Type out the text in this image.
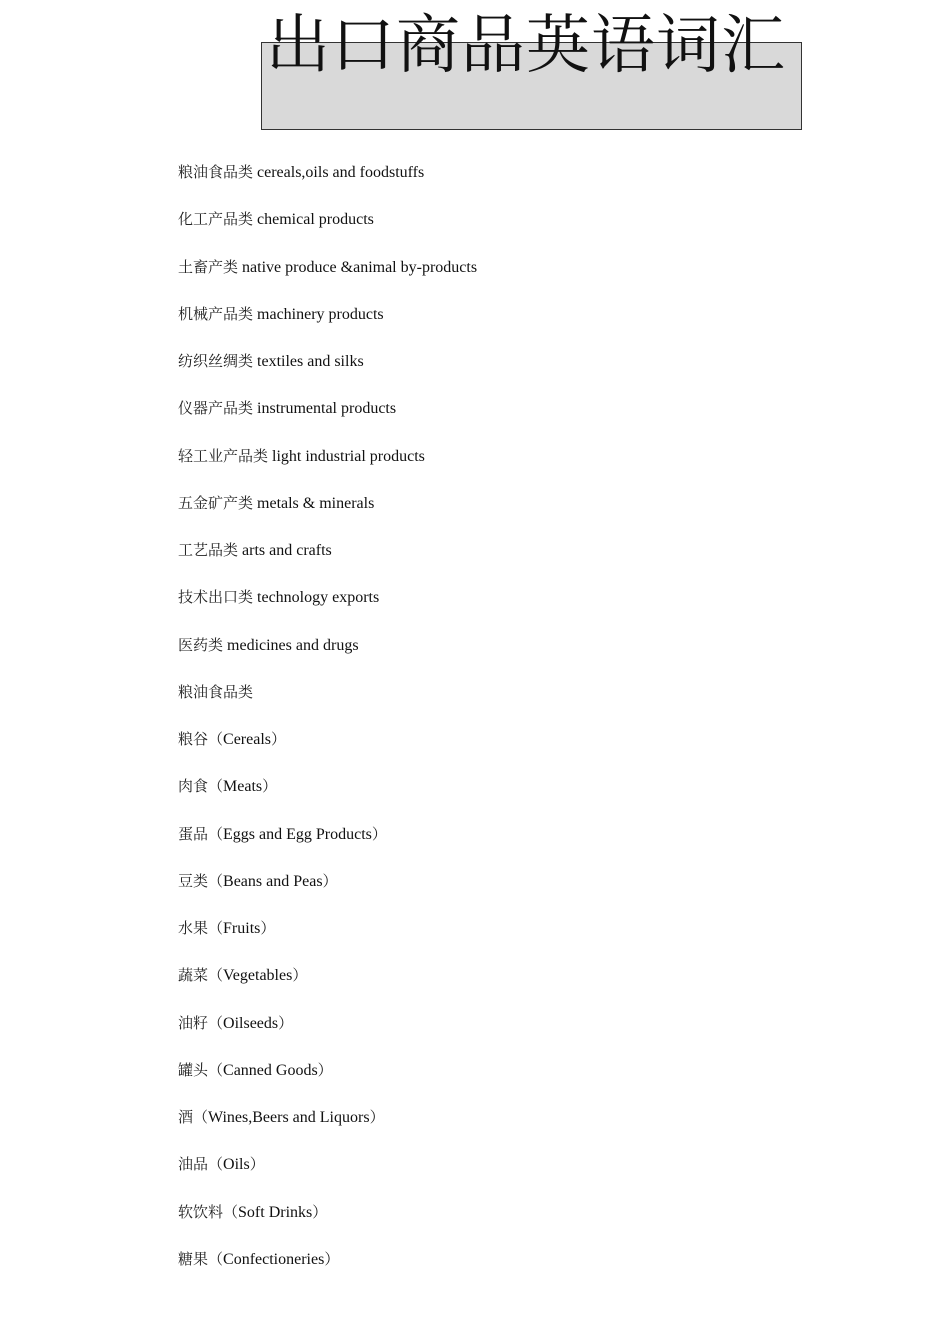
出口商品英语词汇
粮油食品类 cereals,oils and foodstuffs
化工产品类 chemical products
土畜产类 native produce &animal by-products
机械产品类 machinery products
纺织丝绸类 textiles and silks
仪器产品类 instrumental products
轻工业产品类 light industrial products
五金矿产类 metals & minerals
工艺品类 arts and crafts
技术出口类 technology exports
医药类 medicines and drugs
粮油食品类
粮谷（Cereals）
肉食（Meats）
蛋品（Eggs and Egg Products）
豆类（Beans and Peas）
水果（Fruits）
蔬菜（Vegetables）
油籽（Oilseeds）
罐头（Canned Goods）
酒（Wines,Beers and Liquors）
油品（Oils）
软饮料（Soft Drinks）
糖果（Confectioneries）
